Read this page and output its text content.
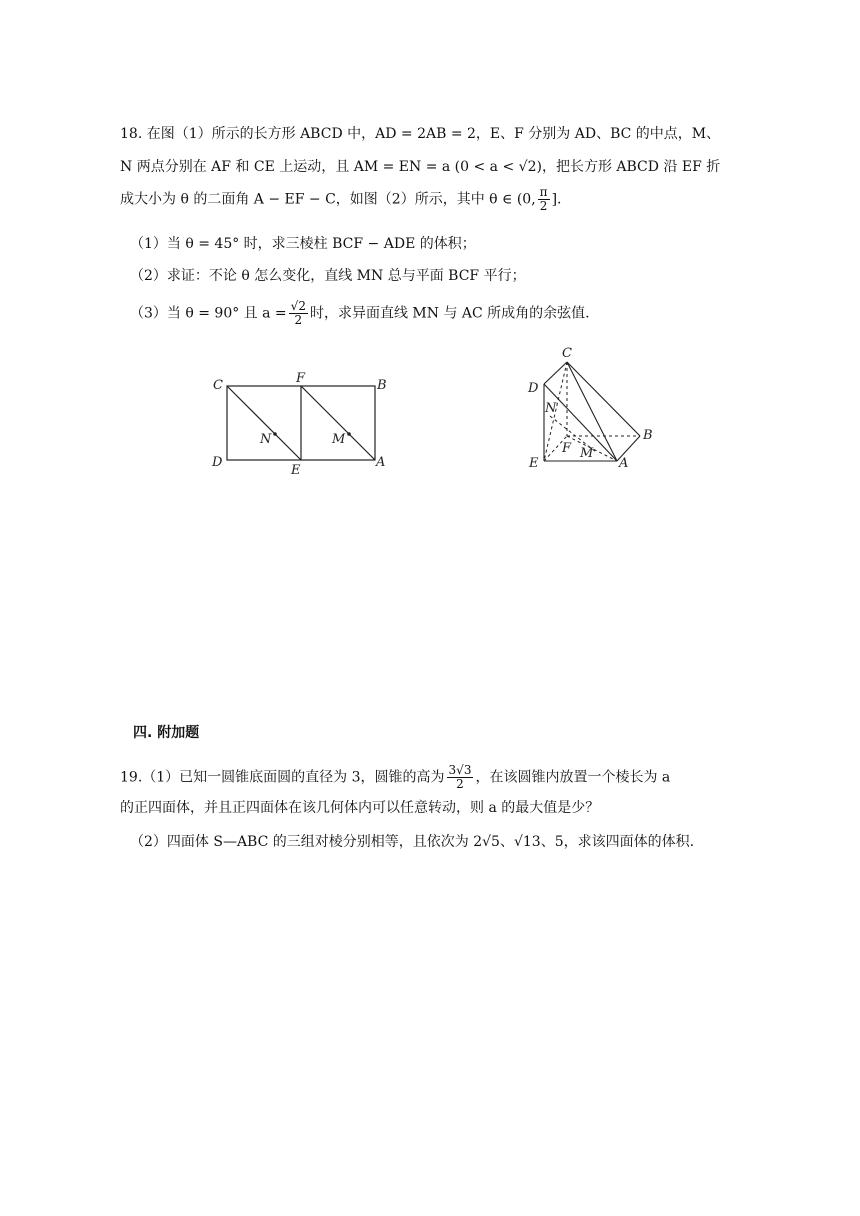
18. 在图（1）所示的长方形 ABCD 中，AD = 2AB = 2，E、F 分别为 AD、BC 的中点，M、
N 两点分别在 AF 和 CE 上运动，且 AM = EN = a (0 < a < √2)，把长方形 ABCD 沿 EF 折
成大小为 θ 的二面角 A − EF − C，如图（2）所示，其中 θ ∈ (0, $\frac{\pi}{2}$ ].
（1）当 θ = 45° 时，求三棱柱 BCF − ADE 的体积；
（2）求证：不论 θ 怎么变化，直线 MN 总与平面 BCF 平行；
（3）当 θ = 90° 且 $a = \frac{√2}{2}$ 时，求异面直线 MN 与 AC 所成角的余弦值.
C	F	B
D
E
A
N	M
C
D
N
B
F M
E	A
四. 附加题
19.（1）已知一圆锥底面圆的直径为 3，圆锥的高为 $\frac{3√3}{2}$ ，在该圆锥内放置一个棱长为 a
的正四面体，并且正四面体在该几何体内可以任意转动，则 a 的最大值是少？
（2）四面体 S—ABC 的三组对棱分别相等，且依次为 2√5、√13、5，求该四面体的体积.
